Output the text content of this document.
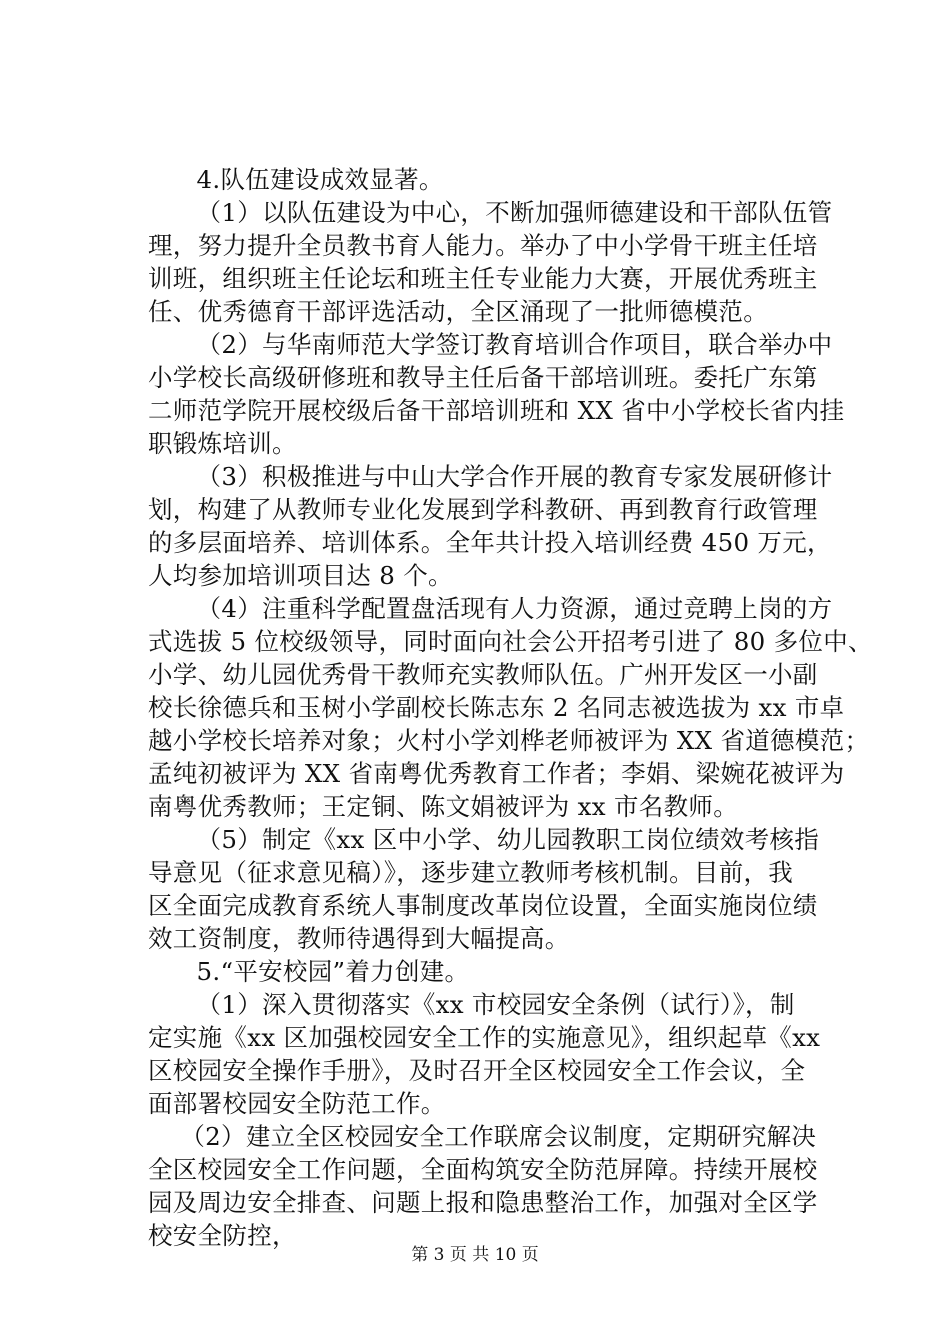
4.队伍建设成效显著。
（1）以队伍建设为中心，不断加强师德建设和干部队伍管
理，努力提升全员教书育人能力。举办了中小学骨干班主任培
训班，组织班主任论坛和班主任专业能力大赛，开展优秀班主
任、优秀德育干部评选活动，全区涌现了一批师德模范。
（2）与华南师范大学签订教育培训合作项目，联合举办中
小学校长高级研修班和教导主任后备干部培训班。委托广东第
二师范学院开展校级后备干部培训班和 XX 省中小学校长省内挂
职锻炼培训。
（3）积极推进与中山大学合作开展的教育专家发展研修计
划，构建了从教师专业化发展到学科教研、再到教育行政管理
的多层面培养、培训体系。全年共计投入培训经费 450 万元，
人均参加培训项目达 8 个。
（4）注重科学配置盘活现有人力资源，通过竞聘上岗的方
式选拔 5 位校级领导，同时面向社会公开招考引进了 80 多位中、
小学、幼儿园优秀骨干教师充实教师队伍。广州开发区一小副
校长徐德兵和玉树小学副校长陈志东 2 名同志被选拔为 xx 市卓
越小学校长培养对象；火村小学刘桦老师被评为 XX 省道德模范；
孟纯初被评为 XX 省南粤优秀教育工作者；李娟、梁婉花被评为
南粤优秀教师；王定铜、陈文娟被评为 xx 市名教师。
（5）制定《xx 区中小学、幼儿园教职工岗位绩效考核指
导意见（征求意见稿）》，逐步建立教师考核机制。目前，我
区全面完成教育系统人事制度改革岗位设置，全面实施岗位绩
效工资制度，教师待遇得到大幅提高。
5.“平安校园”着力创建。
（1）深入贯彻落实《xx 市校园安全条例（试行）》，制
定实施《xx 区加强校园安全工作的实施意见》，组织起草《xx
区校园安全操作手册》，及时召开全区校园安全工作会议，全
面部署校园安全防范工作。
（2）建立全区校园安全工作联席会议制度，定期研究解决
全区校园安全工作问题，全面构筑安全防范屏障。持续开展校
园及周边安全排查、问题上报和隐患整治工作，加强对全区学
校安全防控，
第 3 页 共 10 页
